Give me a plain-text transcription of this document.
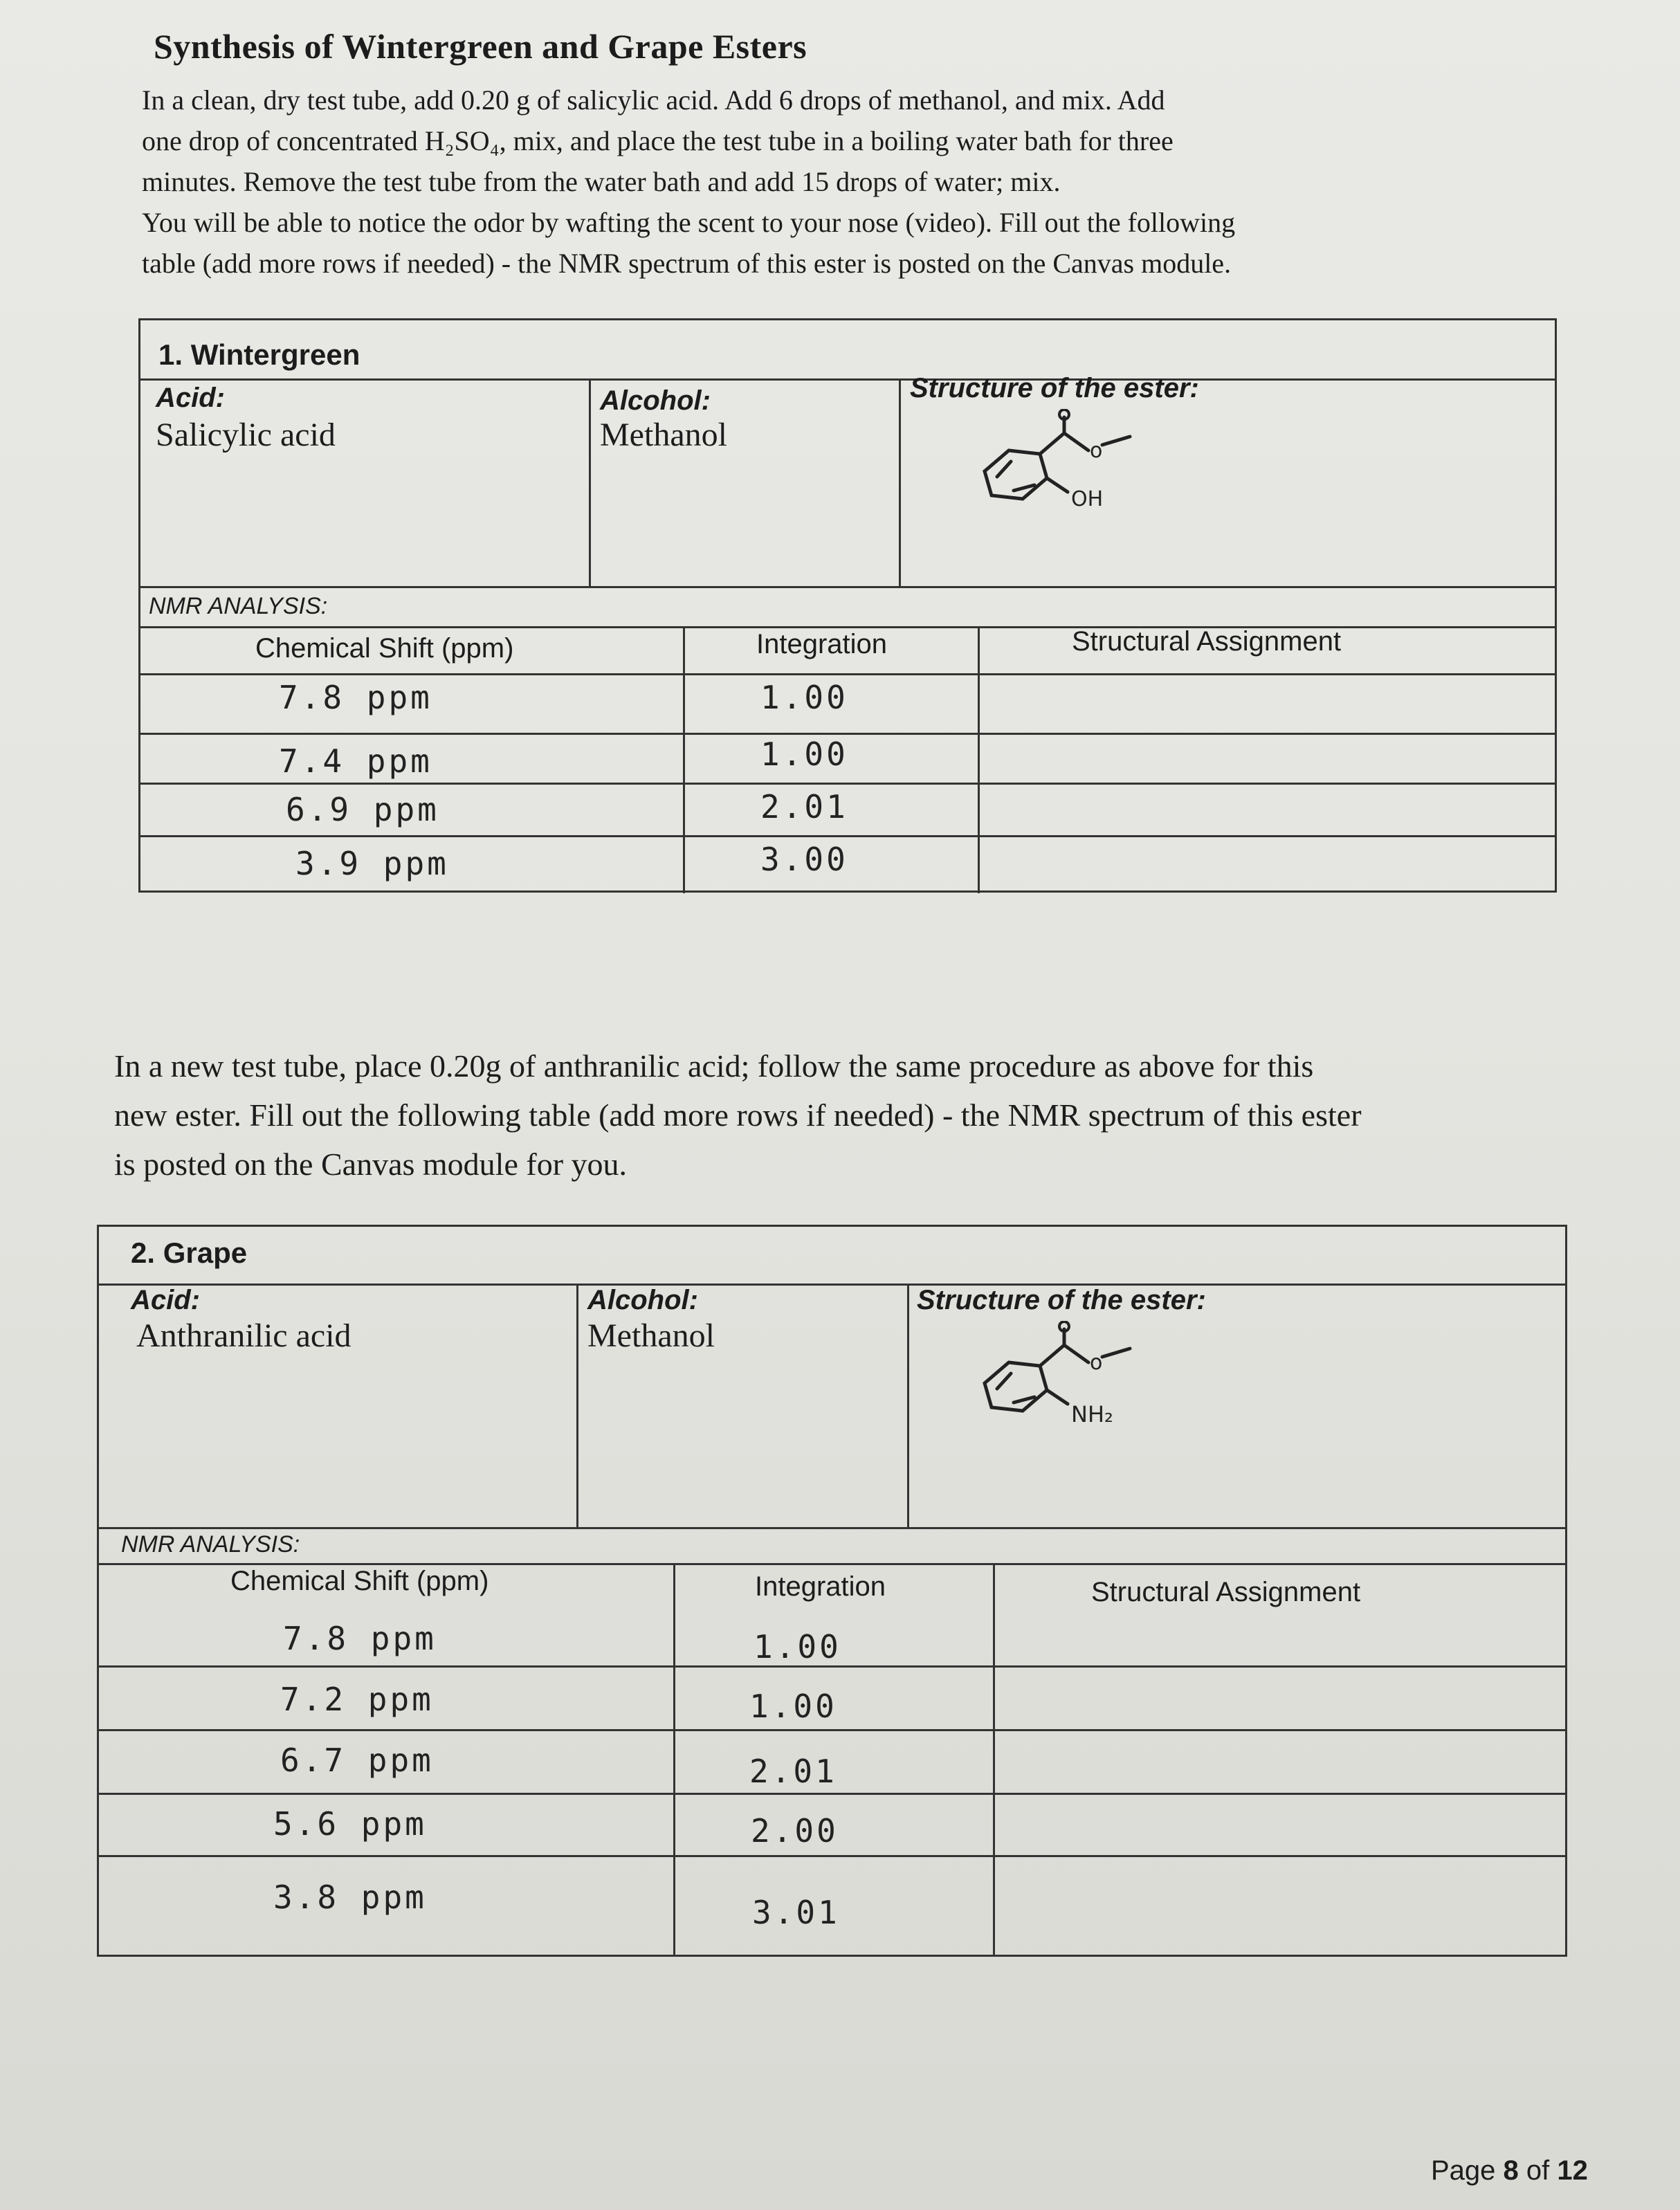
Synthesis of Wintergreen and Grape Esters

In a clean, dry test tube, add 0.20 g of salicylic acid. Add 6 drops of methanol, and mix. Add

one drop of concentrated H₂SO₄, mix, and place the test tube in a boiling water bath for three

minutes. Remove the test tube from the water bath and add 15 drops of water; mix.

You will be able to notice the odor by wafting the scent to your nose (video). Fill out the following

table (add more rows if needed) - the NMR spectrum of this ester is posted on the Canvas module.

1. Wintergreen
Acid:
Salicylic acid
Alcohol:
Methanol
Structure of the ester:
o
OH
NMR ANALYSIS:
Chemical Shift (ppm)	Integration	Structural Assignment
7.8 ppm	1.00
7.4 ppm	1.00
6.9 ppm	2.01
3.9 ppm	3.00
In a new test tube, place 0.20g of anthranilic acid; follow the same procedure as above for this
new ester. Fill out the following table (add more rows if needed) - the NMR spectrum of this ester
is posted on the Canvas module for you.
2. Grape
Acid:
Anthranilic acid
Alcohol:
Methanol
Structure of the ester:
o
NH₂
NMR ANALYSIS:
Chemical Shift (ppm)	Integration	Structural Assignment
7.8 ppm	1.00
7.2 ppm	1.00
6.7 ppm	2.01
5.6 ppm	2.00
3.8 ppm	3.01
Page 8 of 12
